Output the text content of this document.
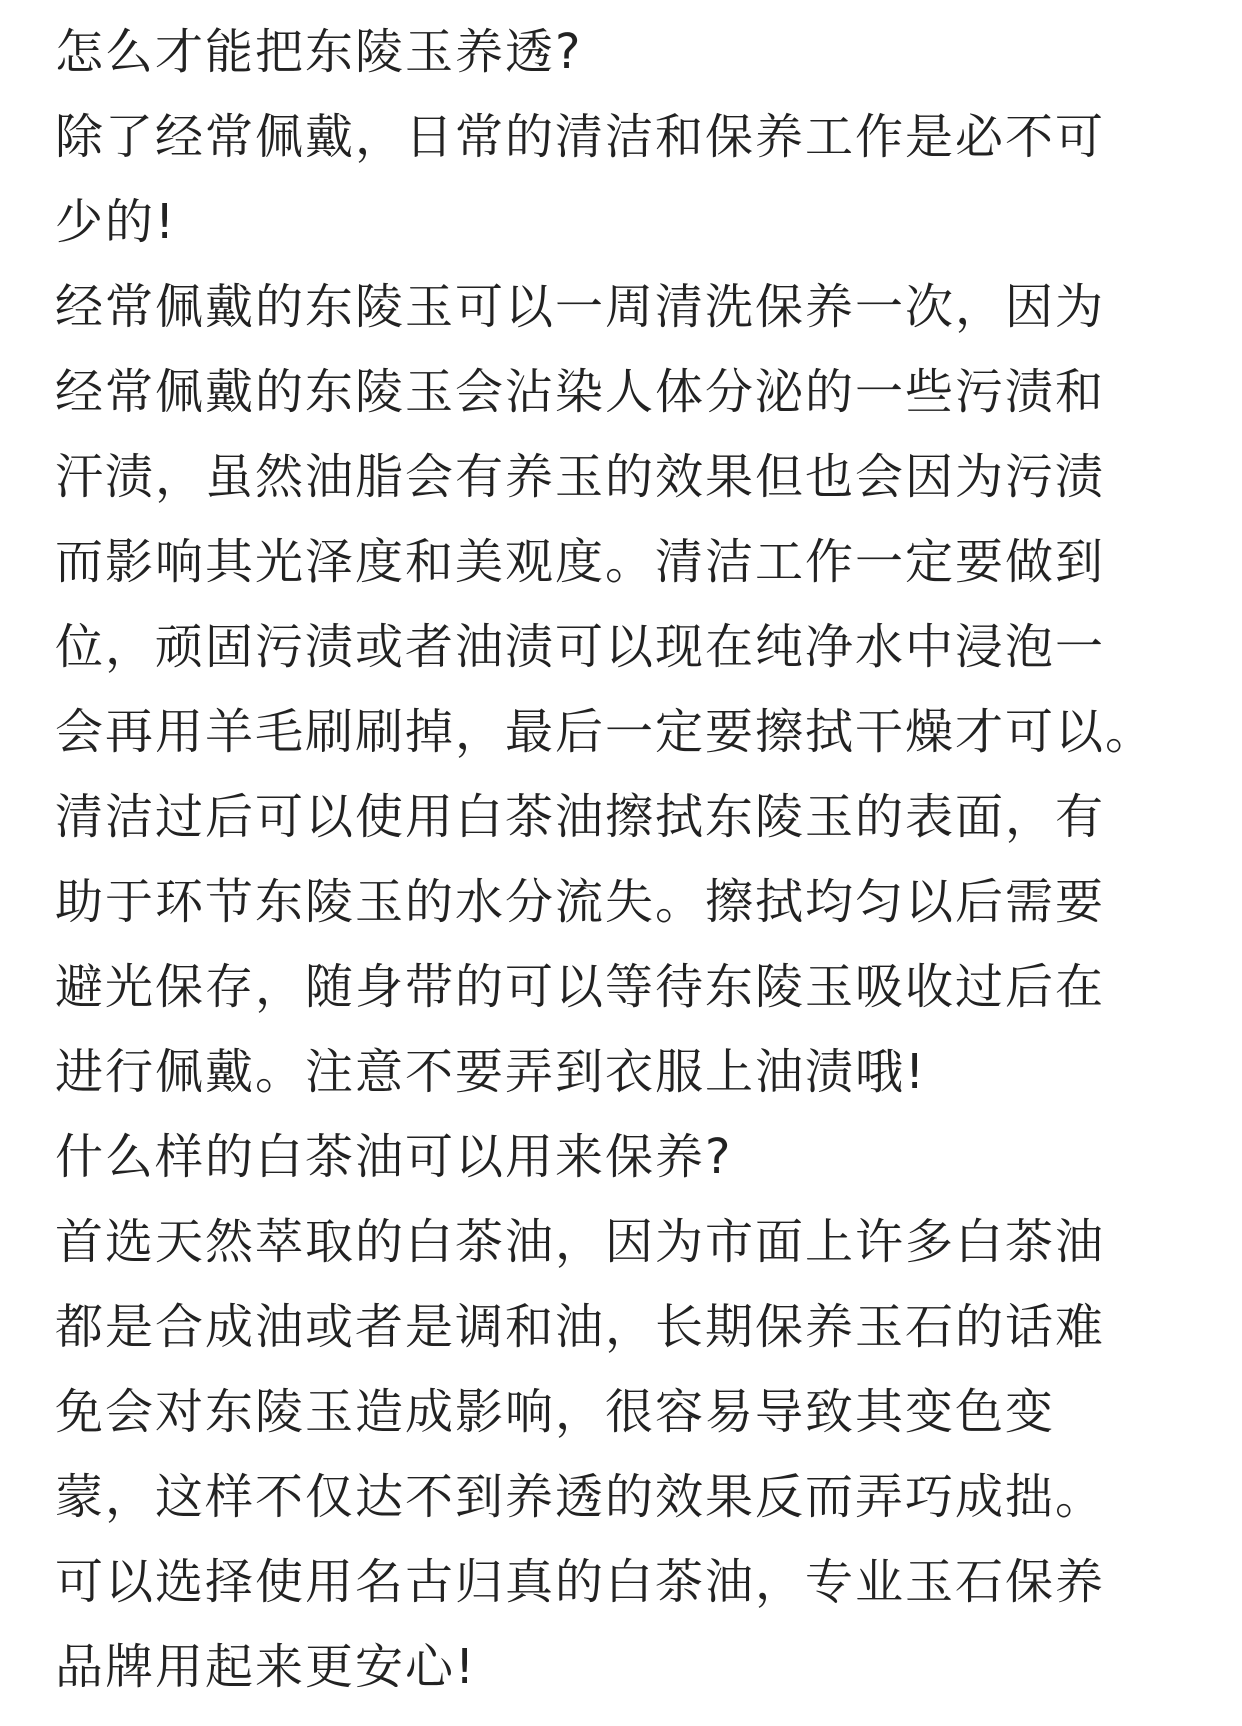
怎么才能把东陵玉养透?
除了经常佩戴，日常的清洁和保养工作是必不可
少的!
经常佩戴的东陵玉可以一周清洗保养一次，因为
经常佩戴的东陵玉会沾染人体分泌的一些污渍和
汗渍，虽然油脂会有养玉的效果但也会因为污渍
而影响其光泽度和美观度。清洁工作一定要做到
位，顽固污渍或者油渍可以现在纯净水中浸泡一
会再用羊毛刷刷掉，最后一定要擦拭干燥才可以。
清洁过后可以使用白茶油擦拭东陵玉的表面，有
助于环节东陵玉的水分流失。擦拭均匀以后需要
避光保存，随身带的可以等待东陵玉吸收过后在
进行佩戴。注意不要弄到衣服上油渍哦!
什么样的白茶油可以用来保养?
首选天然萃取的白茶油，因为市面上许多白茶油
都是合成油或者是调和油，长期保养玉石的话难
免会对东陵玉造成影响，很容易导致其变色变
蒙，这样不仅达不到养透的效果反而弄巧成拙。
可以选择使用名古归真的白茶油，专业玉石保养
品牌用起来更安心!
